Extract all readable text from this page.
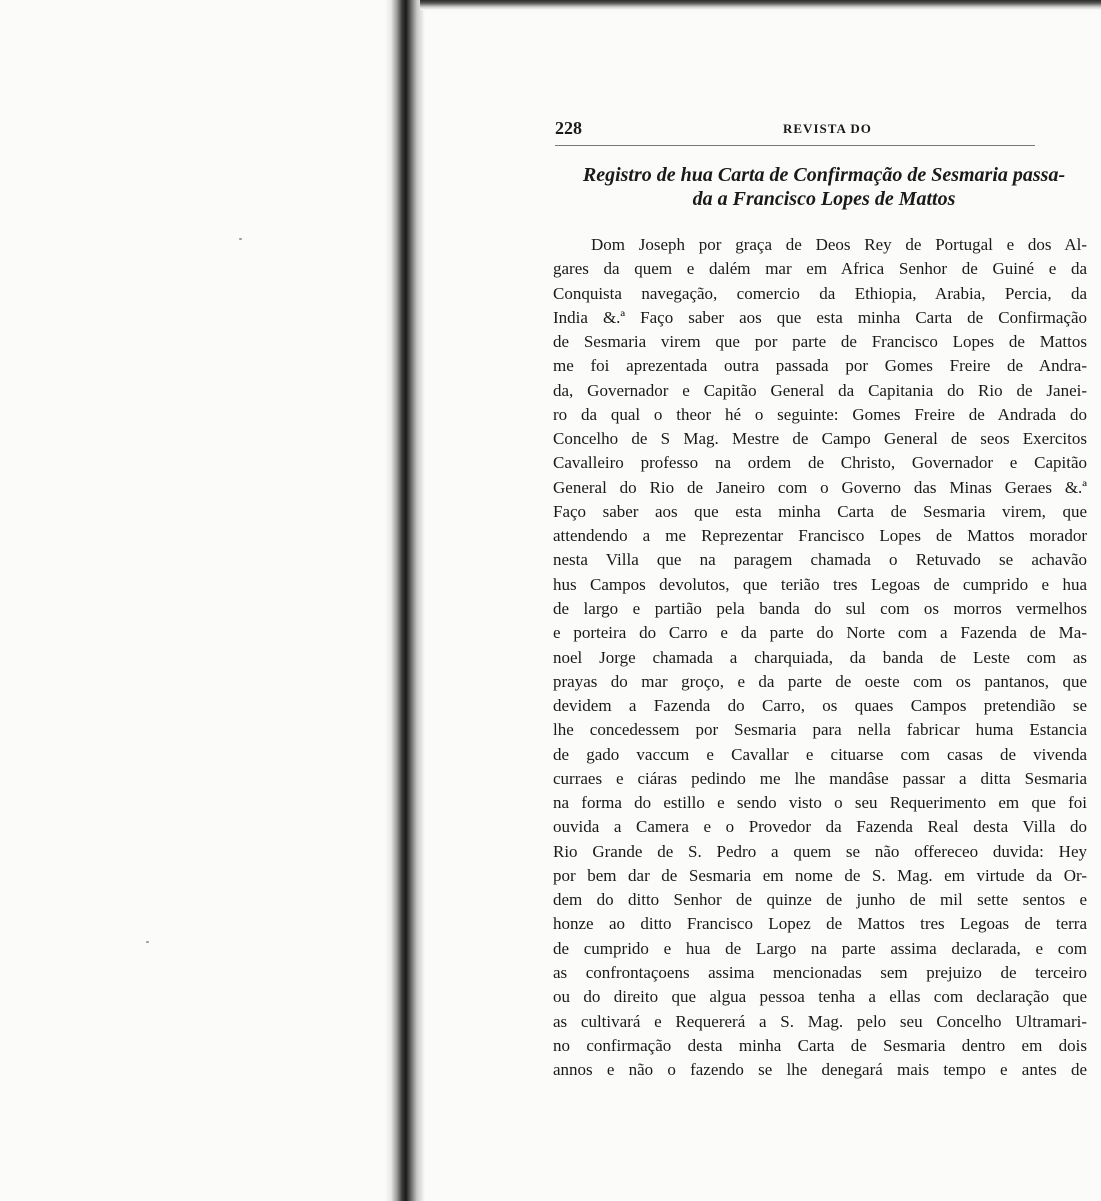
228	REVISTA DO
Registro de hua Carta de Confirmação de Sesmaria passa-
da a Francisco Lopes de Mattos
Dom Joseph por graça de Deos Rey de Portugal e dos Al-
gares da quem e dalém mar em Africa Senhor de Guiné e da
Conquista navegação, comercio da Ethiopia, Arabia, Percia, da
India &.ª Faço saber aos que esta minha Carta de Confirmação
de Sesmaria virem que por parte de Francisco Lopes de Mattos
me foi aprezentada outra passada por Gomes Freire de Andra-
da, Governador e Capitão General da Capitania do Rio de Janei-
ro da qual o theor hé o seguinte: Gomes Freire de Andrada do
Concelho de S Mag. Mestre de Campo General de seos Exercitos
Cavalleiro professo na ordem de Christo, Governador e Capitão
General do Rio de Janeiro com o Governo das Minas Geraes &.ª
Faço saber aos que esta minha Carta de Sesmaria virem, que
attendendo a me Reprezentar Francisco Lopes de Mattos morador
nesta Villa que na paragem chamada o Retuvado se achavão
hus Campos devolutos, que terião tres Legoas de cumprido e hua
de largo e partião pela banda do sul com os morros vermelhos
e porteira do Carro e da parte do Norte com a Fazenda de Ma-
noel Jorge chamada a charquiada, da banda de Leste com as
prayas do mar groço, e da parte de oeste com os pantanos, que
devidem a Fazenda do Carro, os quaes Campos pretendião se
lhe concedessem por Sesmaria para nella fabricar huma Estancia
de gado vaccum e Cavallar e cituarse com casas de vivenda
curraes e ciáras pedindo me lhe mandâse passar a ditta Sesmaria
na forma do estillo e sendo visto o seu Requerimento em que foi
ouvida a Camera e o Provedor da Fazenda Real desta Villa do
Rio Grande de S. Pedro a quem se não offereceo duvida: Hey
por bem dar de Sesmaria em nome de S. Mag. em virtude da Or-
dem do ditto Senhor de quinze de junho de mil sette sentos e
honze ao ditto Francisco Lopez de Mattos tres Legoas de terra
de cumprido e hua de Largo na parte assima declarada, e com
as confrontaçoens assima mencionadas sem prejuizo de terceiro
ou do direito que algua pessoa tenha a ellas com declaração que
as cultivará e Requererá a S. Mag. pelo seu Concelho Ultramari-
no confirmação desta minha Carta de Sesmaria dentro em dois
annos e não o fazendo se lhe denegará mais tempo e antes de
